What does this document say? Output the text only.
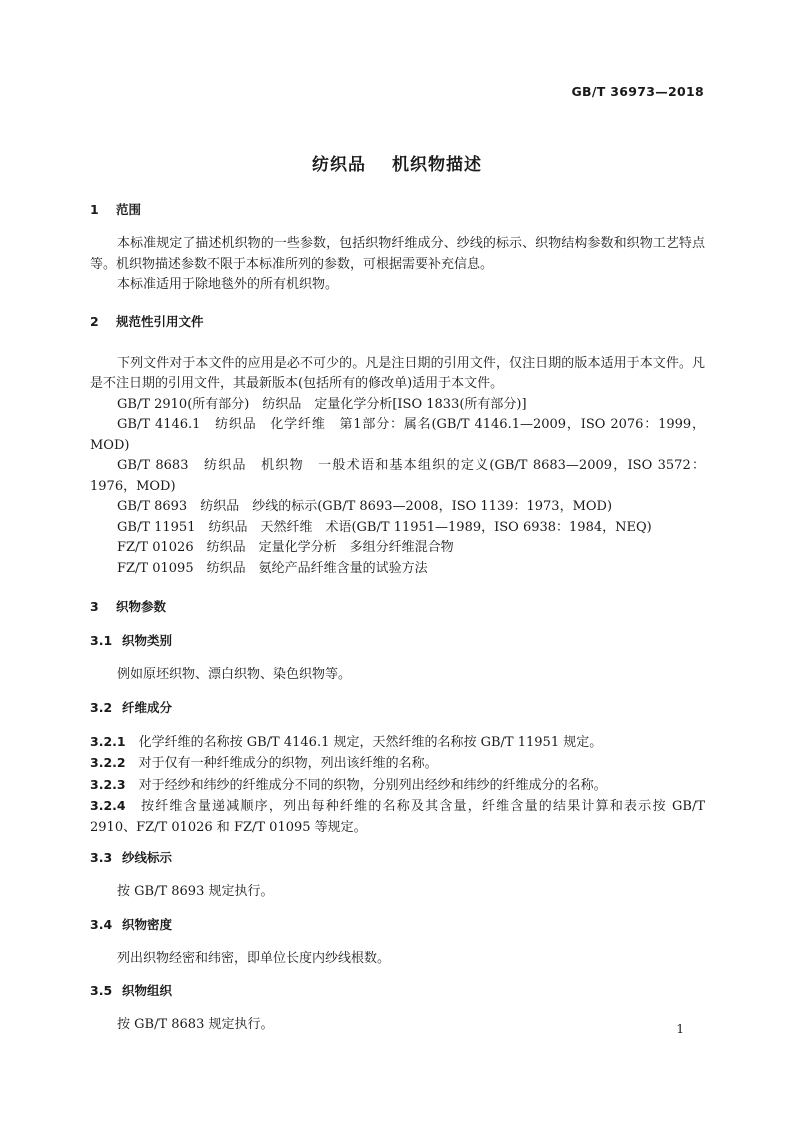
GB/T 36973—2018
纺织品 机织物描述
1 范围

本标准规定了描述机织物的一些参数，包括织物纤维成分、纱线的标示、织物结构参数和织物工艺特点等。机织物描述参数不限于本标准所列的参数，可根据需要补充信息。

本标准适用于除地毯外的所有机织物。

2 规范性引用文件

下列文件对于本文件的应用是必不可少的。凡是注日期的引用文件，仅注日期的版本适用于本文件。凡是不注日期的引用文件，其最新版本(包括所有的修改单)适用于本文件。

GB/T 2910(所有部分)　纺织品　定量化学分析[ISO 1833(所有部分)]

GB/T 4146.1　纺织品　化学纤维　第1部分：属名(GB/T 4146.1—2009，ISO 2076：1999，MOD)

GB/T 8683　纺织品　机织物　一般术语和基本组织的定义(GB/T 8683—2009，ISO 3572：1976，MOD)

GB/T 8693　纺织品　纱线的标示(GB/T 8693—2008，ISO 1139：1973，MOD)

GB/T 11951　纺织品　天然纤维　术语(GB/T 11951—1989，ISO 6938：1984，NEQ)

FZ/T 01026　纺织品　定量化学分析　多组分纤维混合物

FZ/T 01095　纺织品　氨纶产品纤维含量的试验方法

3 织物参数
3.1 织物类别

例如原坯织物、漂白织物、染色织物等。

3.2 纤维成分

3.2.1　 化学纤维的名称按 GB/T 4146.1 规定，天然纤维的名称按 GB/T 11951 规定。

3.2.2　 对于仅有一种纤维成分的织物，列出该纤维的名称。

3.2.3　 对于经纱和纬纱的纤维成分不同的织物，分别列出经纱和纬纱的纤维成分的名称。

3.2.4　 按纤维含量递减顺序，列出每种纤维的名称及其含量，纤维含量的结果计算和表示按 GB/T 2910、FZ/T 01026 和 FZ/T 01095 等规定。

3.3 纱线标示

按 GB/T 8693 规定执行。

3.4 织物密度

列出织物经密和纬密，即单位长度内纱线根数。

3.5 织物组织

按 GB/T 8683 规定执行。	1
